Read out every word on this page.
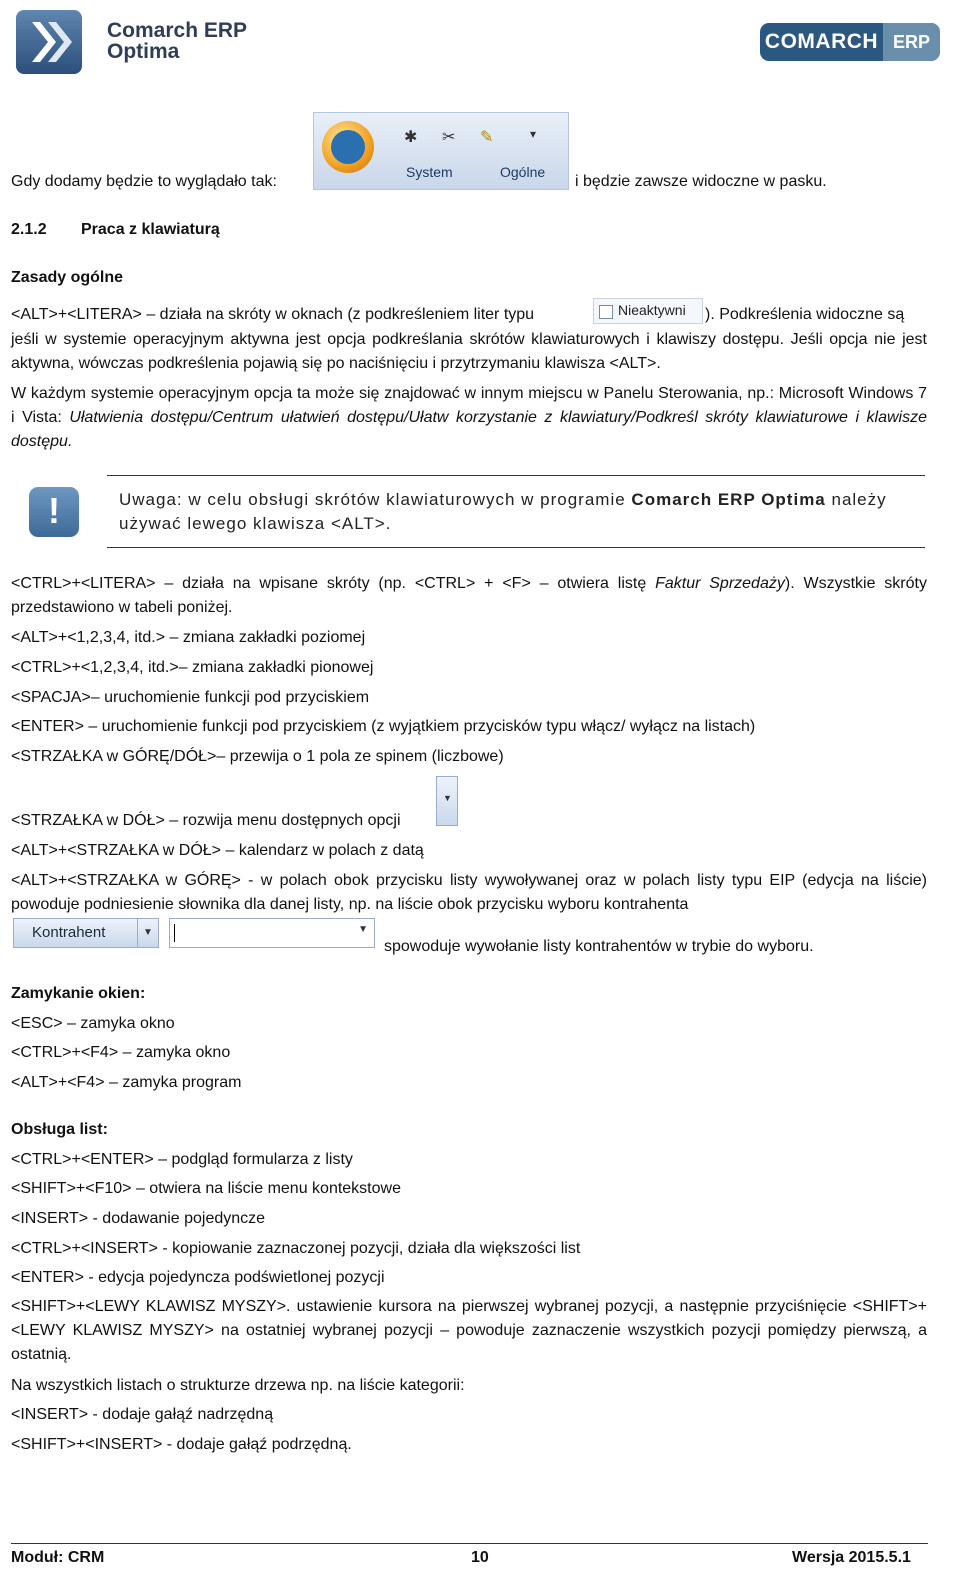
Comarch ERP
Optima	COMARCH ERP
Gdy dodamy będzie to wyglądało tak:
✱ ✂ ✎	▾
System	Ogólne
i będzie zawsze widoczne w pasku.
2.1.2 Praca z klawiaturą
Zasady ogólne
<ALT>+<LITERA> – działa na skróty w oknach (z podkreśleniem liter typu	Nieaktywni ). Podkreślenia widoczne są
jeśli w systemie operacyjnym aktywna jest opcja podkreślania skrótów klawiaturowych i klawiszy dostępu. Jeśli opcja nie jest aktywna, wówczas podkreślenia pojawią się po naciśnięciu i przytrzymaniu klawisza <ALT>.
W każdym systemie operacyjnym opcja ta może się znajdować w innym miejscu w Panelu Sterowania, np.: Microsoft Windows 7 i Vista: Ułatwienia dostępu/Centrum ułatwień dostępu/Ułatw korzystanie z klawiatury/Podkreśl skróty klawiaturowe i klawisze dostępu.
!	Uwaga: w celu obsługi skrótów klawiaturowych w programie Comarch ERP Optima należy używać lewego klawisza <ALT>.
<CTRL>+<LITERA> – działa na wpisane skróty (np. <CTRL> + <F> – otwiera listę Faktur Sprzedaży). Wszystkie skróty przedstawiono w tabeli poniżej.
<ALT>+<1,2,3,4, itd.> – zmiana zakładki poziomej
<CTRL>+<1,2,3,4, itd.>– zmiana zakładki pionowej
<SPACJA>– uruchomienie funkcji pod przyciskiem
<ENTER> – uruchomienie funkcji pod przyciskiem (z wyjątkiem przycisków typu włącz/ wyłącz na listach)
<STRZAŁKA w GÓRĘ/DÓŁ>– przewija o 1 pola ze spinem (liczbowe)
<STRZAŁKA w DÓŁ> – rozwija menu dostępnych opcji
▼
<ALT>+<STRZAŁKA w DÓŁ> – kalendarz w polach z datą
<ALT>+<STRZAŁKA w GÓRĘ> - w polach obok przycisku listy wywoływanej oraz w polach listy typu EIP (edycja na liście) powoduje podniesienie słownika dla danej listy, np. na liście obok przycisku wyboru kontrahenta
Kontrahent	▼	▼
spowoduje wywołanie listy kontrahentów w trybie do wyboru.
Zamykanie okien:
<ESC> – zamyka okno
<CTRL>+<F4> – zamyka okno
<ALT>+<F4> – zamyka program
Obsługa list:
<CTRL>+<ENTER> – podgląd formularza z listy
<SHIFT>+<F10> – otwiera na liście menu kontekstowe
<INSERT> - dodawanie pojedyncze
<CTRL>+<INSERT> - kopiowanie zaznaczonej pozycji, działa dla większości list
<ENTER> - edycja pojedyncza podświetlonej pozycji
<SHIFT>+<LEWY KLAWISZ MYSZY>. ustawienie kursora na pierwszej wybranej pozycji, a następnie przyciśnięcie <SHIFT>+<LEWY KLAWISZ MYSZY> na ostatniej wybranej pozycji – powoduje zaznaczenie wszystkich pozycji pomiędzy pierwszą, a ostatnią.
Na wszystkich listach o strukturze drzewa np. na liście kategorii:
<INSERT> - dodaje gałąź nadrzędną
<SHIFT>+<INSERT> - dodaje gałąź podrzędną.
Moduł: CRM	10	Wersja 2015.5.1
